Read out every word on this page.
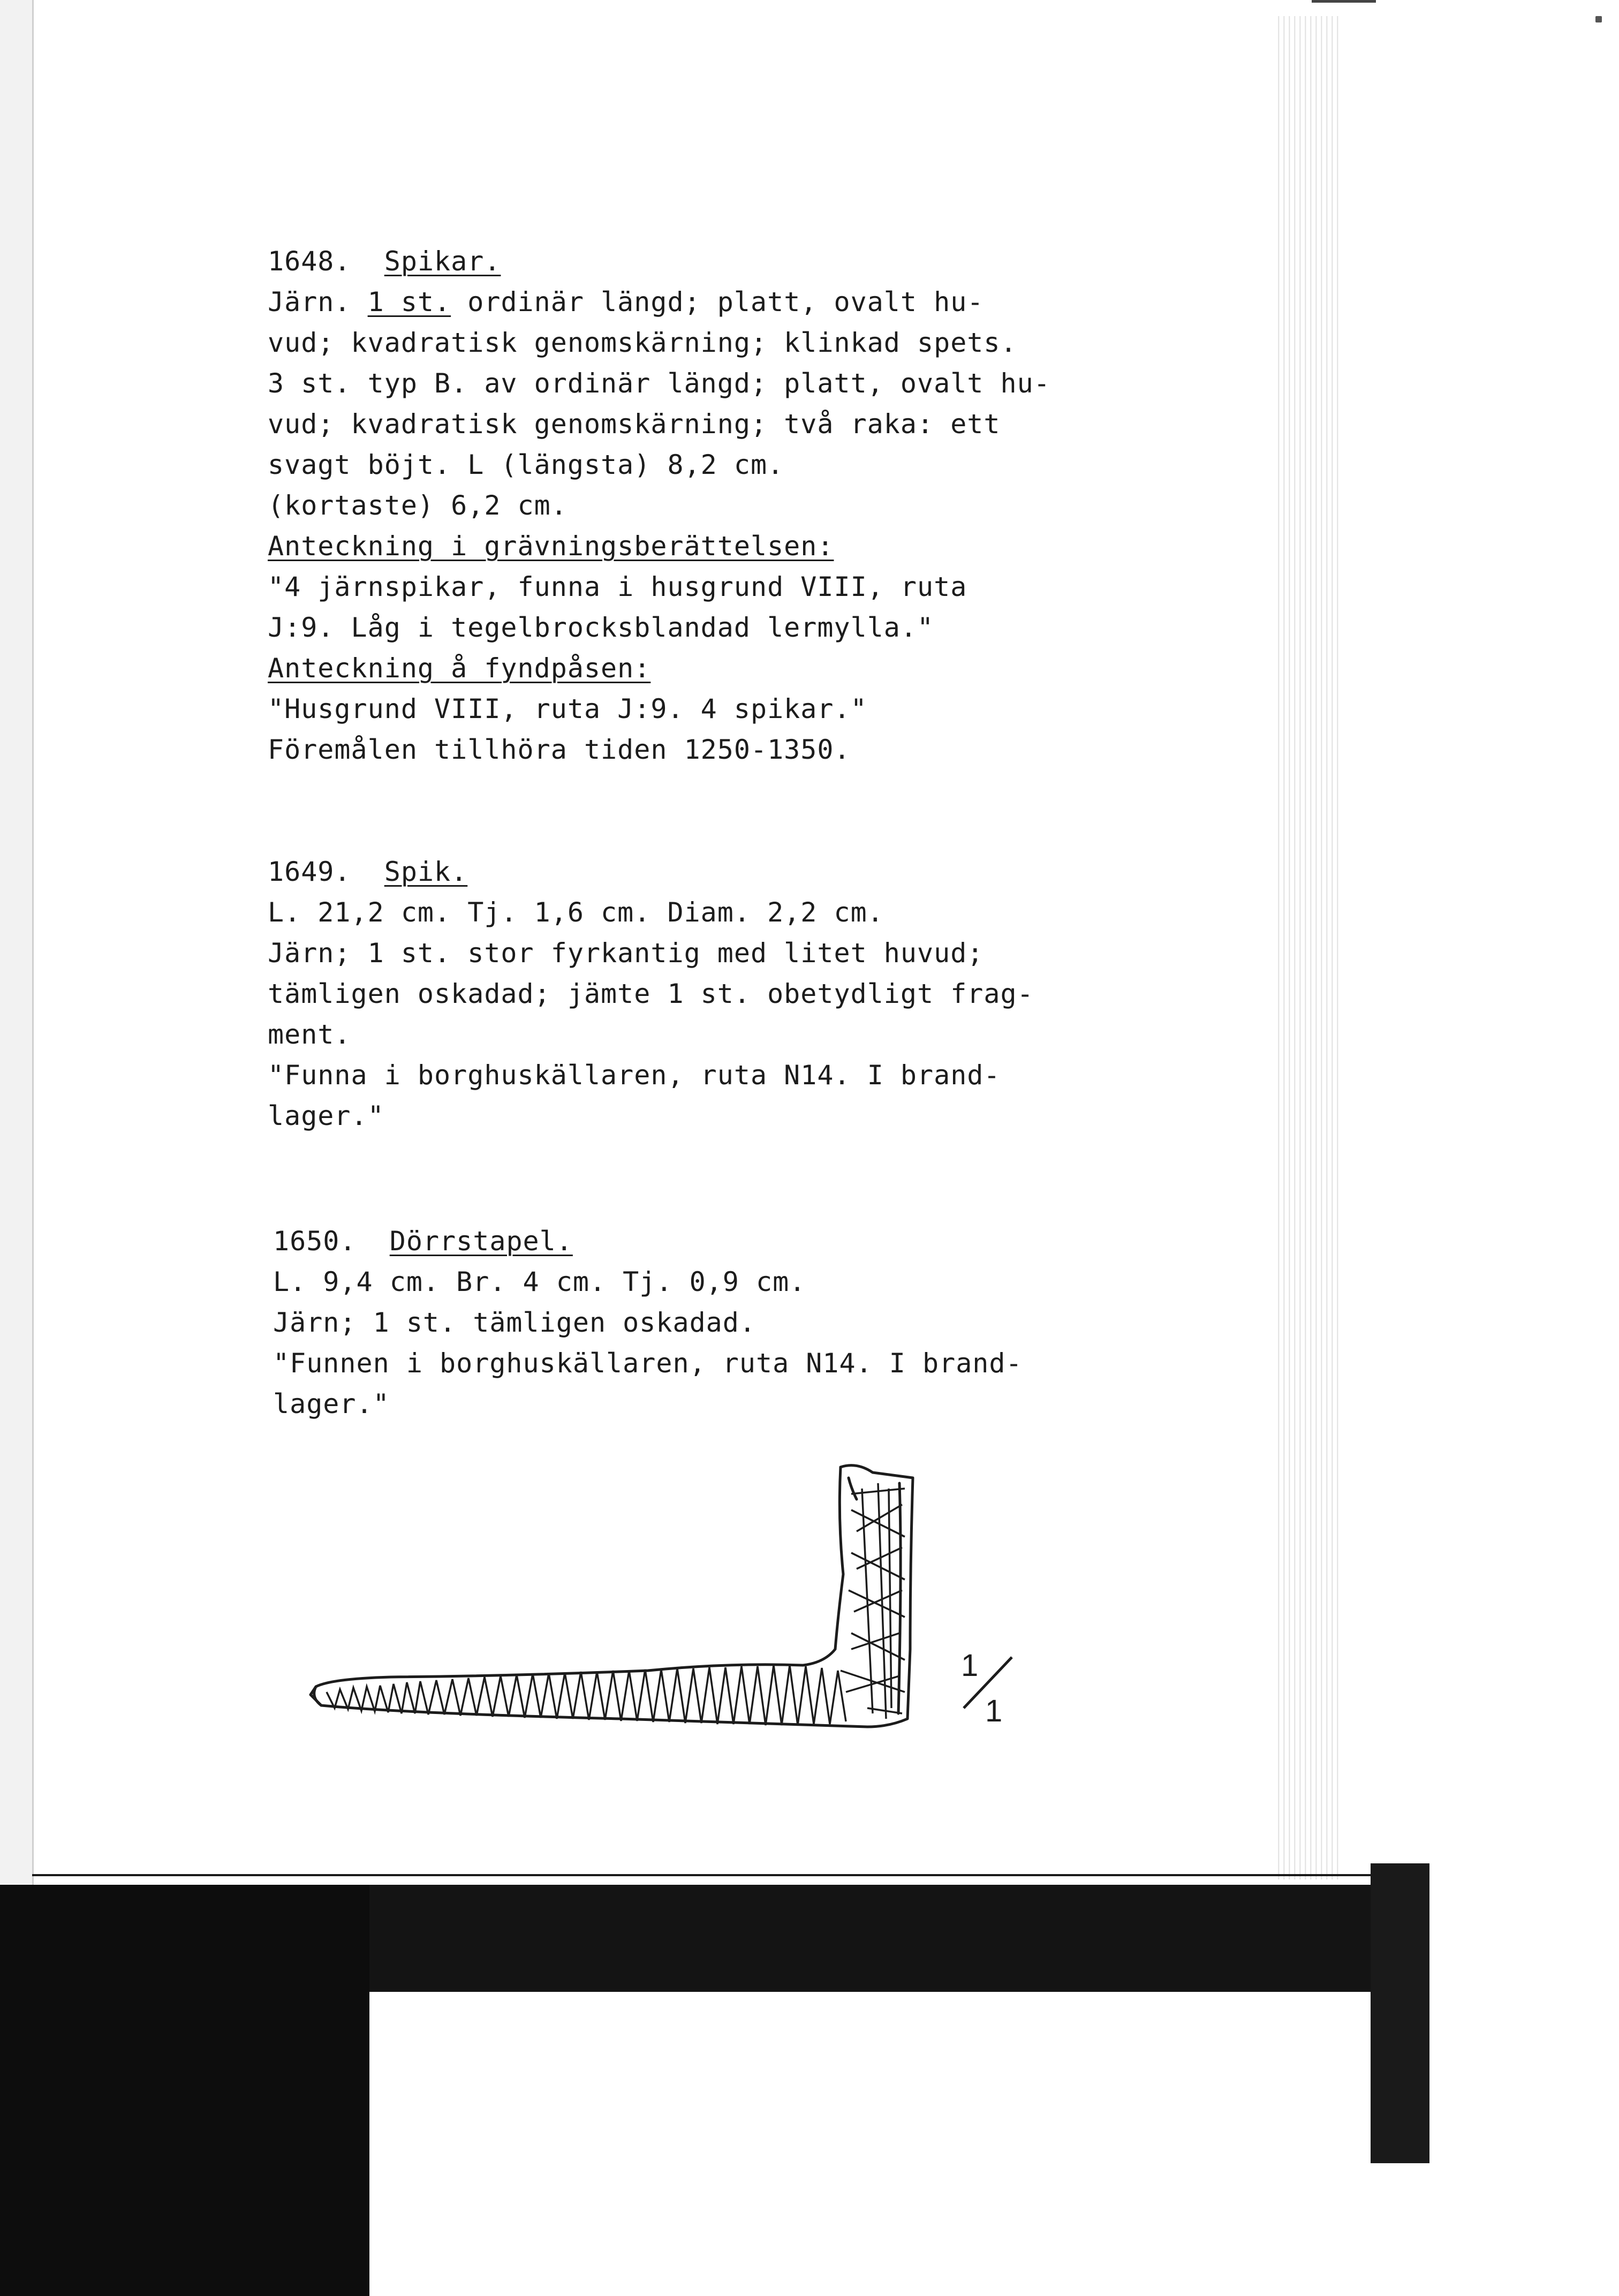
1648. Spikar.
Järn. 1 st. ordinär längd; platt, ovalt hu-
vud; kvadratisk genomskärning; klinkad spets.
3 st. typ B. av ordinär längd; platt, ovalt hu-
vud; kvadratisk genomskärning; två raka: ett
svagt böjt. L (längsta) 8,2 cm.
(kortaste) 6,2 cm.
Anteckning i grävningsberättelsen:
"4 järnspikar, funna i husgrund VIII, ruta
J:9. Låg i tegelbrocksblandad lermylla."
Anteckning å fyndpåsen:
"Husgrund VIII, ruta J:9. 4 spikar."
Föremålen tillhöra tiden 1250-1350.
1649. Spik.
L. 21,2 cm. Tj. 1,6 cm. Diam. 2,2 cm.
Järn; 1 st. stor fyrkantig med litet huvud;
tämligen oskadad; jämte 1 st. obetydligt frag-
ment.
"Funna i borghuskällaren, ruta N14. I brand-
lager."
1650. Dörrstapel.
L. 9,4 cm. Br. 4 cm. Tj. 0,9 cm.
Järn; 1 st. tämligen oskadad.
"Funnen i borghuskällaren, ruta N14. I brand-
lager."
1
1
